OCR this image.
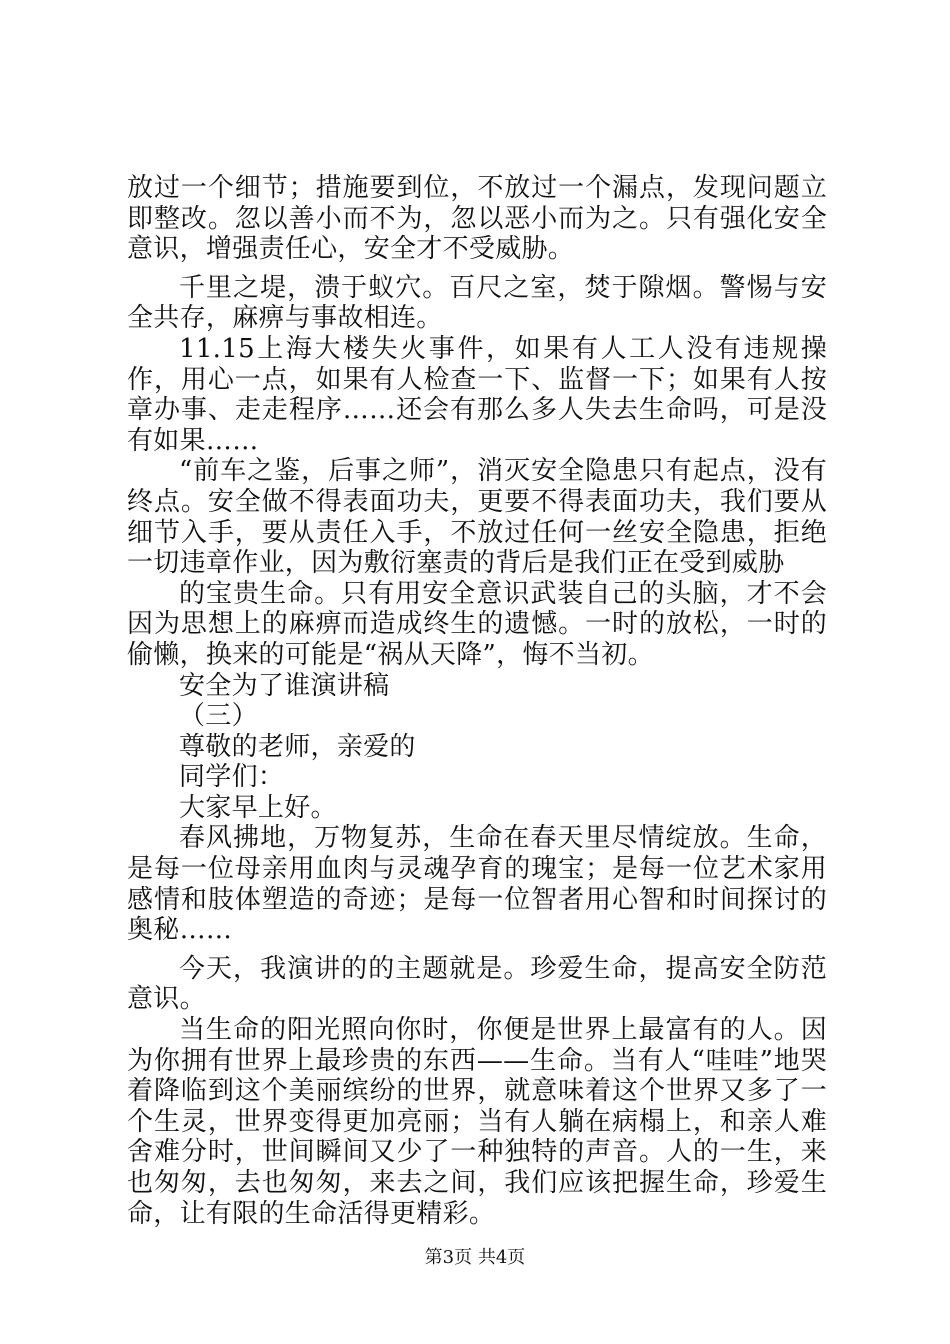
放过一个细节；措施要到位，不放过一个漏点，发现问题立即整改。忽以善小而不为，忽以恶小而为之。只有强化安全意识，增强责任心，安全才不受威胁。

千里之堤，溃于蚁穴。百尺之室，焚于隙烟。警惕与安全共存，麻痹与事故相连。

11.15上海大楼失火事件，如果有人工人没有违规操作，用心一点，如果有人检查一下、监督一下；如果有人按章办事、走走程序……还会有那么多人失去生命吗，可是没有如果……

“前车之鉴，后事之师”，消灭安全隐患只有起点，没有终点。安全做不得表面功夫，更要不得表面功夫，我们要从细节入手，要从责任入手，不放过任何一丝安全隐患，拒绝一切违章作业，因为敷衍塞责的背后是我们正在受到威胁

的宝贵生命。只有用安全意识武装自己的头脑，才不会因为思想上的麻痹而造成终生的遗憾。一时的放松，一时的偷懒，换来的可能是“祸从天降”，悔不当初。

安全为了谁演讲稿

（三）

尊敬的老师，亲爱的

同学们：

大家早上好。

春风拂地，万物复苏，生命在春天里尽情绽放。生命，是每一位母亲用血肉与灵魂孕育的瑰宝；是每一位艺术家用感情和肢体塑造的奇迹；是每一位智者用心智和时间探讨的奥秘……

今天，我演讲的的主题就是。珍爱生命，提高安全防范意识。

当生命的阳光照向你时，你便是世界上最富有的人。因为你拥有世界上最珍贵的东西——生命。当有人“哇哇”地哭着降临到这个美丽缤纷的世界，就意味着这个世界又多了一个生灵，世界变得更加亮丽；当有人躺在病榻上，和亲人难舍难分时，世间瞬间又少了一种独特的声音。人的一生，来也匆匆，去也匆匆，来去之间，我们应该把握生命，珍爱生命，让有限的生命活得更精彩。

第3页 共4页
